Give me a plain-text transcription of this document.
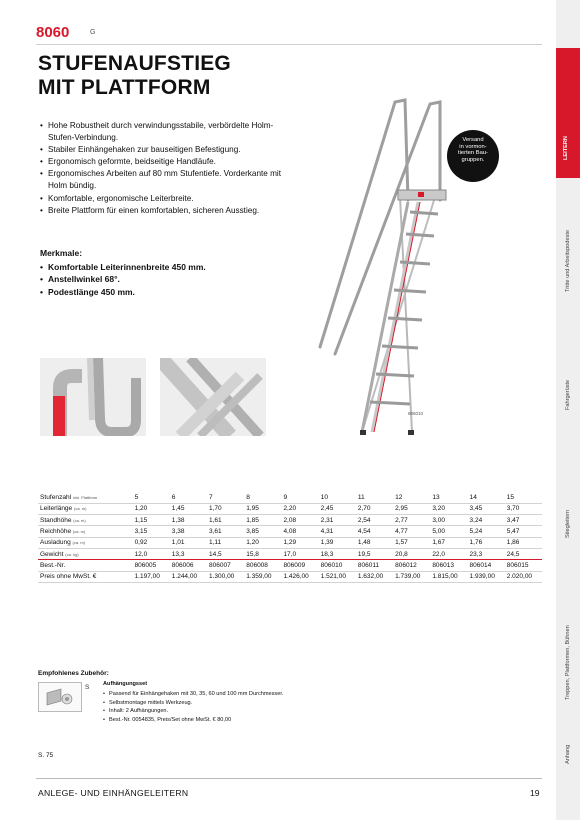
8060	G
STUFENAUFSTIEG
MIT PLATTFORM
• Hohe Robustheit durch verwindungsstabile, verbördelte Holm-Stufen-Verbindung.
• Stabiler Einhängehaken zur bauseitigen Befestigung.
• Ergonomisch geformte, beidseitige Handläufe.
• Ergonomisches Arbeiten auf 80 mm Stufentiefe. Vorderkante mit Holm bündig.
• Komfortable, ergonomische Leiterbreite.
• Breite Plattform für einen komfortablen, sicheren Ausstieg.
Merkmale:
• Komfortable Leiterinnenbreite 450 mm.
• Anstellwinkel 68°.
• Podestlänge 450 mm.
Versand
in vormon-
tierten Bau-
gruppen.
806010
Stufenzahl inkl. Plattform	5	6	7	8	9	10	11	12	13	14	15
Leiterlänge (ca. m)	1,20	1,45	1,70	1,95	2,20	2,45	2,70	2,95	3,20	3,45	3,70
Standhöhe (ca. m)	1,15	1,38	1,61	1,85	2,08	2,31	2,54	2,77	3,00	3,24	3,47
Reichhöhe (ca. m)	3,15	3,38	3,61	3,85	4,08	4,31	4,54	4,77	5,00	5,24	5,47
Ausladung (ca. m)	0,92	1,01	1,11	1,20	1,29	1,39	1,48	1,57	1,67	1,76	1,86
Gewicht (ca. kg)	12,0	13,3	14,5	15,8	17,0	18,3	19,5	20,8	22,0	23,3	24,5
Best.-Nr.	806005	806006	806007	806008	806009	806010	806011	806012	806013	806014	806015
Preis ohne MwSt. €	1.197,00	1.244,00	1.300,00	1.359,00	1.426,00	1.521,00	1.632,00	1.739,00	1.815,00	1.939,00	2.020,00
Empfohlenes Zubehör:
S Aufhängungsset
• Passend für Einhängehaken mit 30, 35, 60 und 100 mm Durchmesser.
• Selbstmontage mittels Werkzeug.
• Inhalt: 2 Aufhängungen.
• Best.-Nr. 0054835, Preis/Set ohne MwSt. € 80,00
S. 75
ANLEGE- UND EINHÄNGELEITERN	19
LEITERN
Tritte und Arbeitspodeste
Fahrgerüste
Stiegleitern
Treppen, Plattformen, Bühnen
Anhang
